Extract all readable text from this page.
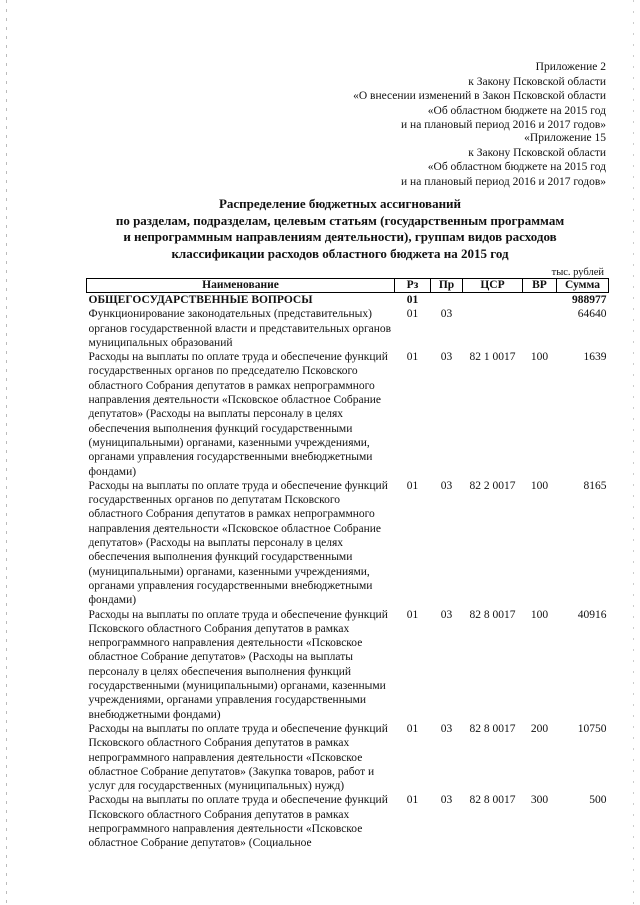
Приложение 2
к Закону Псковской области
«О внесении изменений в Закон Псковской области
«Об областном бюджете на 2015 год
и на плановый период 2016 и 2017 годов»
«Приложение 15
к Закону Псковской области
«Об областном бюджете на 2015 год
и на плановый период 2016 и 2017 годов»
Распределение бюджетных ассигнований
по разделам, подразделам, целевым статьям (государственным программам
и непрограммным направлениям деятельности), группам видов расходов
классификации расходов областного бюджета на 2015 год
тыс. рублей
Наименование	Рз	Пр	ЦСР	ВР	Сумма
ОБЩЕГОСУДАРСТВЕННЫЕ ВОПРОСЫ	01				988977
Функционирование законодательных (представительных) органов государственной власти и представительных органов муниципальных образований	01	03			64640
Расходы на выплаты по оплате труда и обеспечение функций государственных органов по председателю Псковского областного Собрания депутатов в рамках непрограммного направления деятельности «Псковское областное Собрание депутатов» (Расходы на выплаты персоналу в целях обеспечения выполнения функций государственными (муниципальными) органами, казенными учреждениями, органами управления государственными внебюджетными фондами)	01	03	82 1 0017	100	1639
Расходы на выплаты по оплате труда и обеспечение функций государственных органов по депутатам Псковского областного Собрания депутатов в рамках непрограммного направления деятельности «Псковское областное Собрание депутатов» (Расходы на выплаты персоналу в целях обеспечения выполнения функций государственными (муниципальными) органами, казенными учреждениями, органами управления государственными внебюджетными фондами)	01	03	82 2 0017	100	8165
Расходы на выплаты по оплате труда и обеспечение функций Псковского областного Собрания депутатов в рамках непрограммного направления деятельности «Псковское областное Собрание депутатов» (Расходы на выплаты персоналу в целях обеспечения выполнения функций государственными (муниципальными) органами, казенными учреждениями, органами управления государственными внебюджетными фондами)	01	03	82 8 0017	100	40916
Расходы на выплаты по оплате труда и обеспечение функций Псковского областного Собрания депутатов в рамках непрограммного направления деятельности «Псковское областное Собрание депутатов» (Закупка товаров, работ и услуг для государственных (муниципальных) нужд)	01	03	82 8 0017	200	10750
Расходы на выплаты по оплате труда и обеспечение функций Псковского областного Собрания депутатов в рамках непрограммного направления деятельности «Псковское областное Собрание депутатов» (Социальное	01	03	82 8 0017	300	500
